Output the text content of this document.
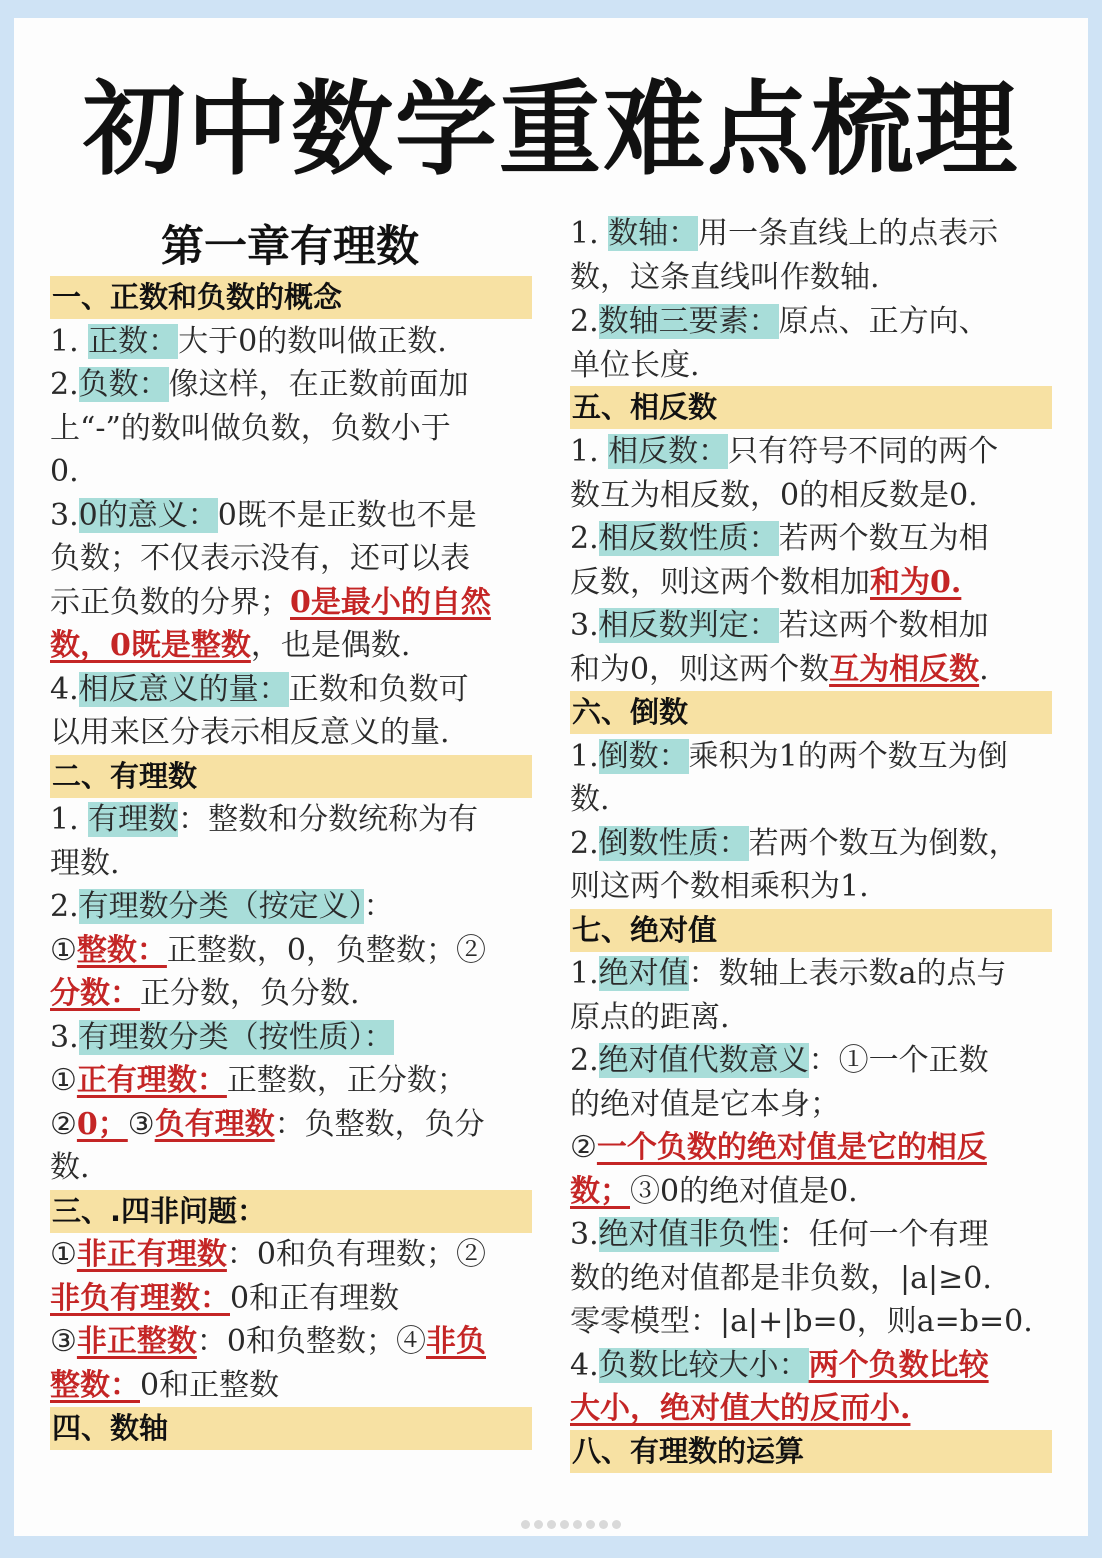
初中数学重难点梳理
第一章有理数
一、正数和负数的概念
1. 正数：大于0的数叫做正数.
2.负数：像这样，在正数前面加
上“-”的数叫做负数，负数小于
0.
3.0的意义：0既不是正数也不是
负数；不仅表示没有，还可以表
示正负数的分界；0是最小的自然
数，0既是整数，也是偶数.
4.相反意义的量：正数和负数可
以用来区分表示相反意义的量.
二、有理数
1. 有理数：整数和分数统称为有
理数.
2.有理数分类（按定义）：
①整数：正整数，0，负整数；②
分数：正分数，负分数.
3.有理数分类（按性质）：
①正有理数：正整数，正分数；
②0；③负有理数：负整数，负分
数.
三、.四非问题：
①非正有理数：0和负有理数；②
非负有理数：0和正有理数
③非正整数：0和负整数；④非负
整数：0和正整数
四、数轴
1. 数轴：用一条直线上的点表示
数，这条直线叫作数轴.
2.数轴三要素：原点、正方向、
单位长度.
五、相反数
1. 相反数：只有符号不同的两个
数互为相反数，0的相反数是0.
2.相反数性质：若两个数互为相
反数，则这两个数相加和为0.
3.相反数判定：若这两个数相加
和为0，则这两个数互为相反数.
六、倒数
1.倒数：乘积为1的两个数互为倒
数.
2.倒数性质：若两个数互为倒数，
则这两个数相乘积为1.
七、绝对值
1.绝对值：数轴上表示数a的点与
原点的距离.
2.绝对值代数意义：①一个正数
的绝对值是它本身；
②一个负数的绝对值是它的相反
数；③0的绝对值是0.
3.绝对值非负性：任何一个有理
数的绝对值都是非负数，|a|≥0.
零零模型：|a|+|b=0，则a=b=0.
4.负数比较大小：两个负数比较
大小，绝对值大的反而小.
八、有理数的运算
